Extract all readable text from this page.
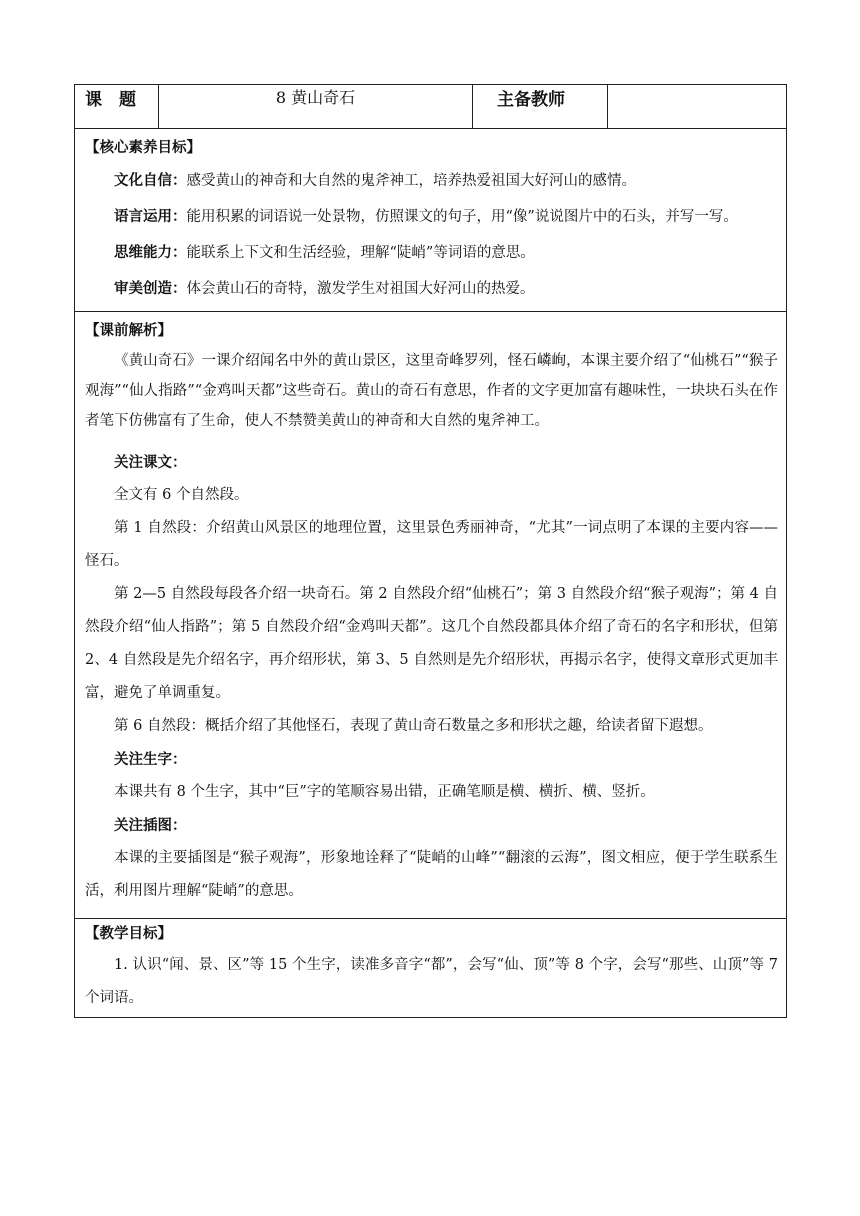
课　题	8 黄山奇石	主备教师	

【核心素养目标】

文化自信：感受黄山的神奇和大自然的鬼斧神工，培养热爱祖国大好河山的感情。

语言运用：能用积累的词语说一处景物，仿照课文的句子，用“像”说说图片中的石头，并写一写。

思维能力：能联系上下文和生活经验，理解“陡峭”等词语的意思。

审美创造：体会黄山石的奇特，激发学生对祖国大好河山的热爱。

【课前解析】

《黄山奇石》一课介绍闻名中外的黄山景区，这里奇峰罗列，怪石嶙峋，本课主要介绍了“仙桃石”“猴子观海”“仙人指路”“金鸡叫天都”这些奇石。黄山的奇石有意思，作者的文字更加富有趣味性，一块块石头在作者笔下仿佛富有了生命，使人不禁赞美黄山的神奇和大自然的鬼斧神工。

关注课文：

全文有 6 个自然段。

第 1 自然段：介绍黄山风景区的地理位置，这里景色秀丽神奇，“尤其”一词点明了本课的主要内容——怪石。

第 2—5 自然段每段各介绍一块奇石。第 2 自然段介绍“仙桃石”；第 3 自然段介绍“猴子观海”；第 4 自然段介绍“仙人指路”；第 5 自然段介绍“金鸡叫天都”。这几个自然段都具体介绍了奇石的名字和形状，但第 2、4 自然段是先介绍名字，再介绍形状，第 3、5 自然则是先介绍形状，再揭示名字，使得文章形式更加丰富，避免了单调重复。

第 6 自然段：概括介绍了其他怪石，表现了黄山奇石数量之多和形状之趣，给读者留下遐想。

关注生字：

本课共有 8 个生字，其中“巨”字的笔顺容易出错，正确笔顺是横、横折、横、竖折。

关注插图：

本课的主要插图是“猴子观海”，形象地诠释了“陡峭的山峰”“翻滚的云海”，图文相应，便于学生联系生活，利用图片理解“陡峭”的意思。

【教学目标】

1. 认识“闻、景、区”等 15 个生字，读准多音字“都”，会写“仙、顶”等 8 个字，会写“那些、山顶”等 7 个词语。
